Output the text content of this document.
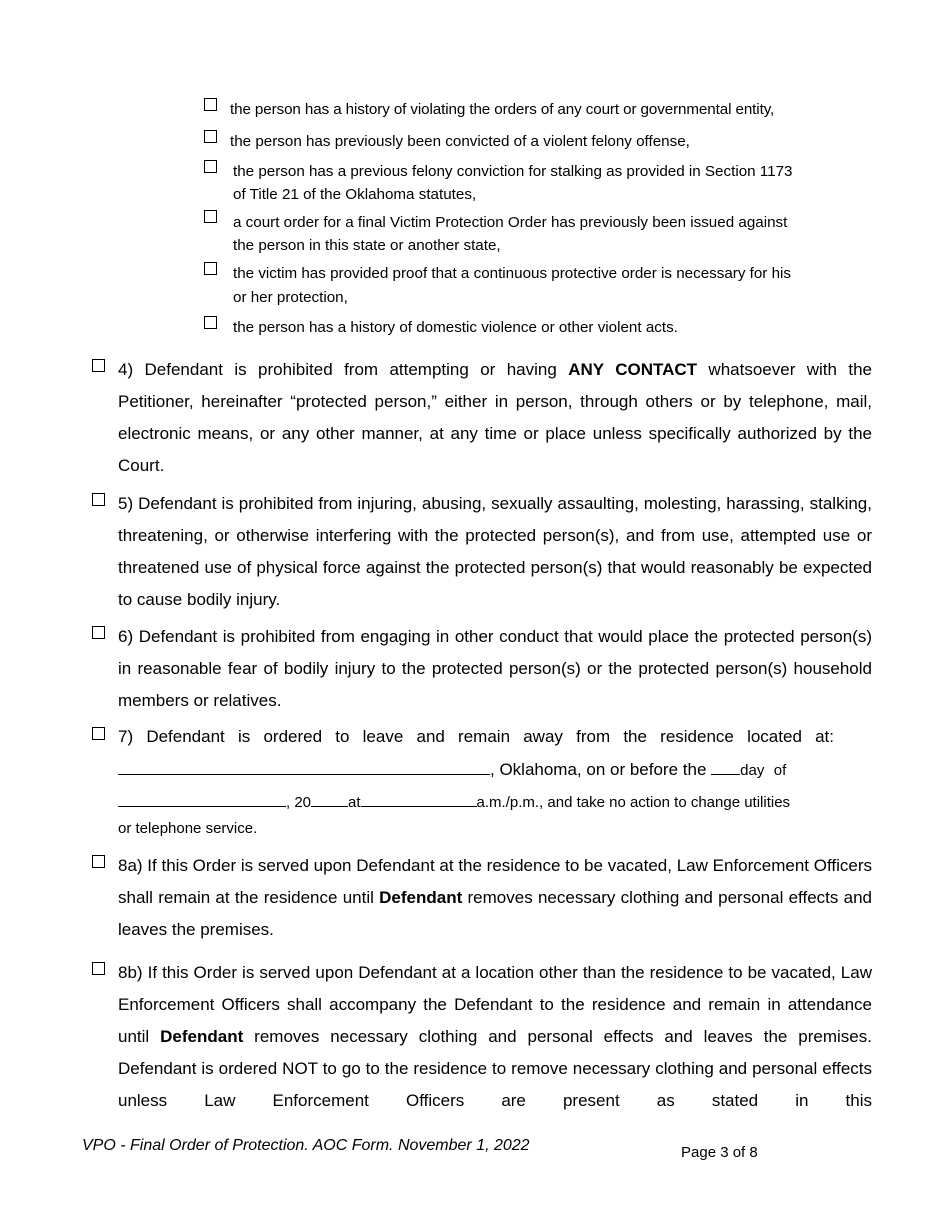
the person has a history of violating the orders of any court or governmental entity,
the person has previously been convicted of a violent felony offense,
the person has a previous felony conviction for stalking as provided in Section 1173
of Title 21 of the Oklahoma statutes,
a court order for a final Victim Protection Order has previously been issued against
the person in this state or another state,
the victim has provided proof that a continuous protective order is necessary for his
or her protection,
the person has a history of domestic violence or other violent acts.

4) Defendant is prohibited from attempting or having ANY CONTACT whatsoever with the Petitioner, hereinafter “protected person,” either in person, through others or by telephone, mail, electronic means, or any other manner, at any time or place unless specifically authorized by the Court.

5) Defendant is prohibited from injuring, abusing, sexually assaulting, molesting, harassing, stalking, threatening, or otherwise interfering with the protected person(s), and from use, attempted use or threatened use of physical force against the protected person(s) that would reasonably be expected to cause bodily injury.

6) Defendant is prohibited from engaging in other conduct that would place the protected person(s) in reasonable fear of bodily injury to the protected person(s) or the protected person(s) household members or relatives.

7) Defendant is ordered to leave and remain away from the residence located at:
, Oklahoma, on or before the day of
, 20 at	a.m./p.m., and take no action to change utilities
or telephone service.

8a) If this Order is served upon Defendant at the residence to be vacated, Law Enforcement Officers shall remain at the residence until Defendant removes necessary clothing and personal effects and leaves the premises.

8b) If this Order is served upon Defendant at a location other than the residence to be vacated, Law Enforcement Officers shall accompany the Defendant to the residence and remain in attendance until Defendant removes necessary clothing and personal effects and leaves the premises. Defendant is ordered NOT to go to the residence to remove necessary clothing and personal effects unless Law Enforcement Officers are present as stated in this

VPO - Final Order of Protection. AOC Form. November 1, 2022	Page 3 of 8
